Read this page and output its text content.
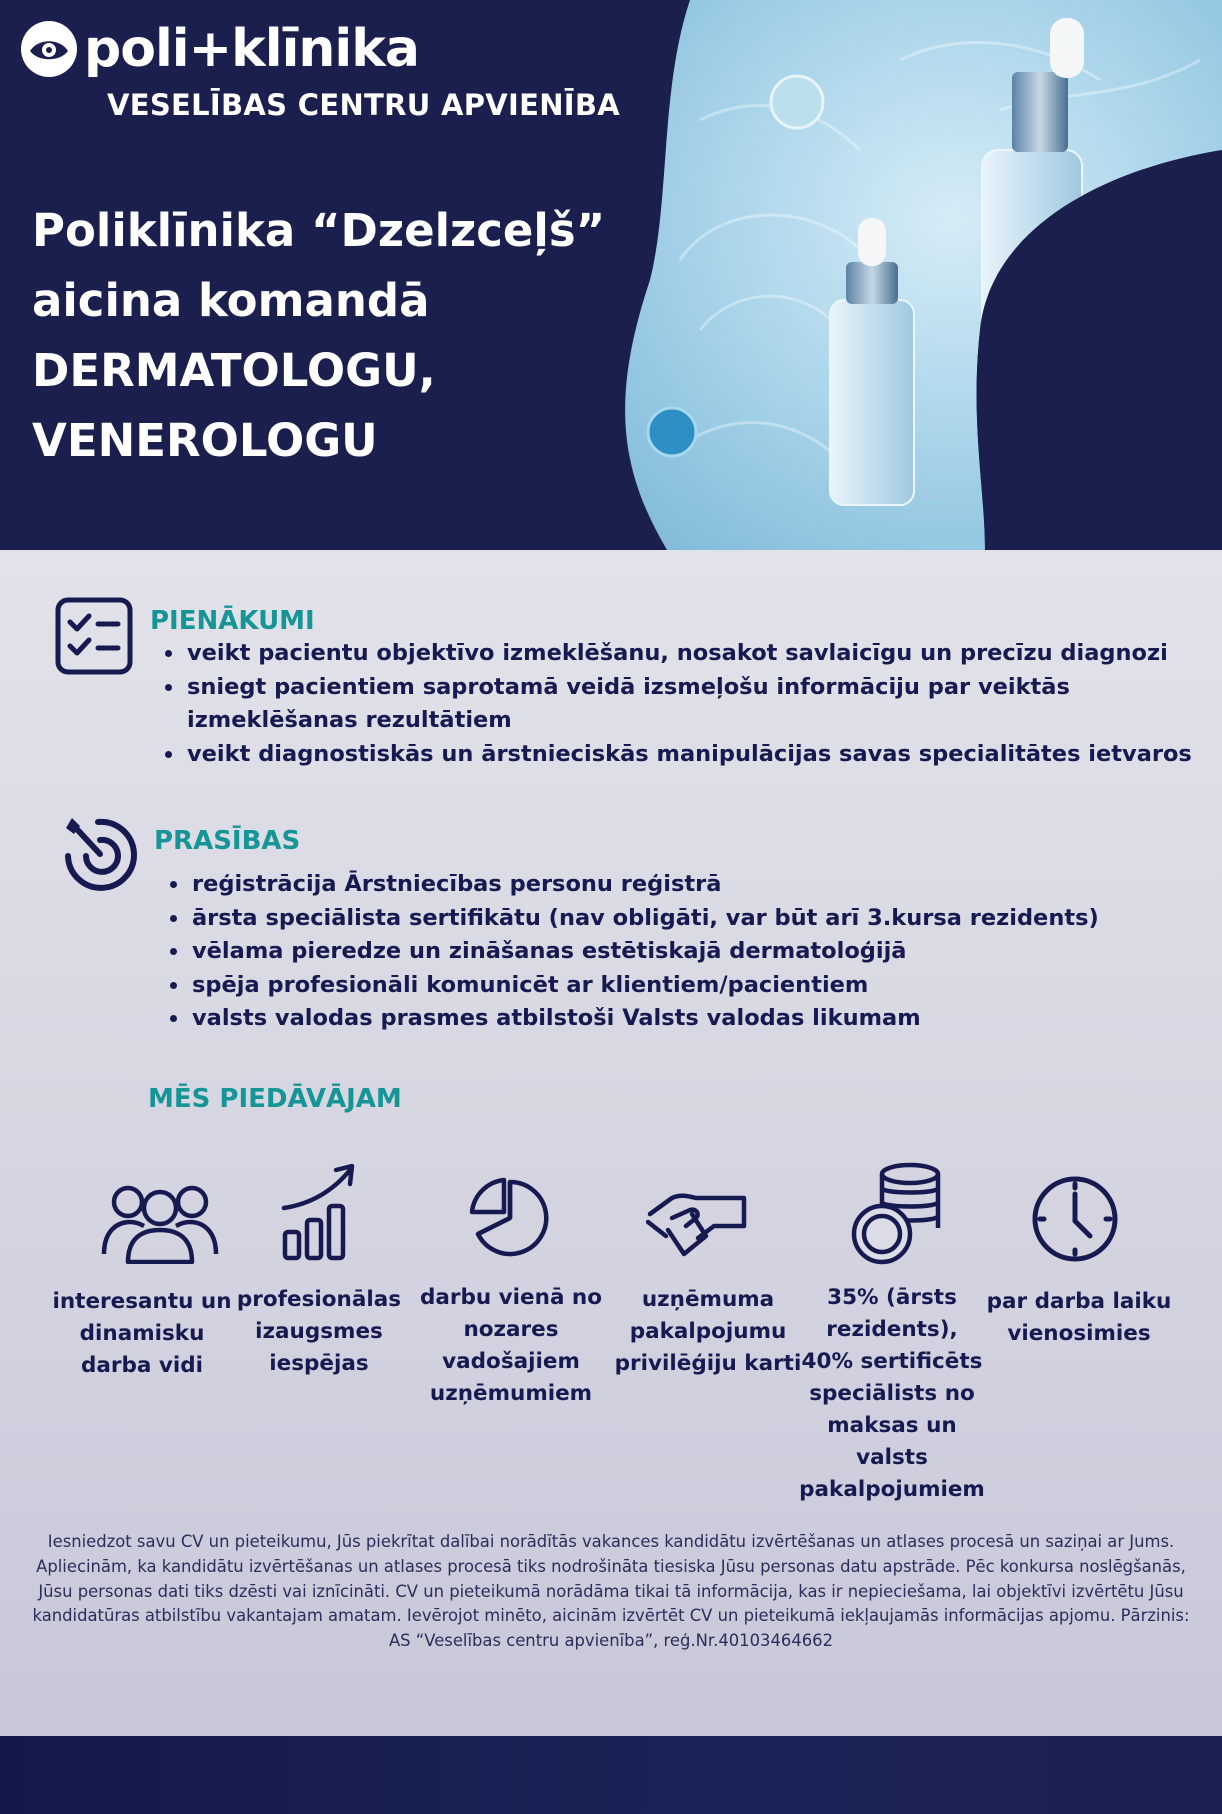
poli+klīnika
VESELĪBAS CENTRU APVIENĪBA
Poliklīnika “Dzelzceļš”
aicina komandā
DERMATOLOGU,
VENEROLOGU
PIENĀKUMI
• veikt pacientu objektīvo izmeklēšanu, nosakot savlaicīgu un precīzu diagnozi
• sniegt pacientiem saprotamā veidā izsmeļošu informāciju par veiktās izmeklēšanas rezultātiem
• veikt diagnostiskās un ārstnieciskās manipulācijas savas specialitātes ietvaros
PRASĪBAS
• reģistrācija Ārstniecības personu reģistrā
• ārsta speciālista sertifikātu (nav obligāti, var būt arī 3.kursa rezidents)
• vēlama pieredze un zināšanas estētiskajā dermatoloģijā
• spēja profesionāli komunicēt ar klientiem/pacientiem
• valsts valodas prasmes atbilstoši Valsts valodas likumam
MĒS PIEDĀVĀJAM
interesantu un dinamisku darba vidi
profesionālas izaugsmes iespējas
darbu vienā no nozares vadošajiem uzņēmumiem
uzņēmuma pakalpojumu privilēģiju karti
35% (ārsts rezidents), 40% sertificēts speciālists no maksas un valsts pakalpojumiem
par darba laiku vienosimies
Iesniedzot savu CV un pieteikumu, Jūs piekrītat dalībai norādītās vakances kandidātu izvērtēšanas un atlases procesā un saziņai ar Jums. Apliecinām, ka kandidātu izvērtēšanas un atlases procesā tiks nodrošināta tiesiska Jūsu personas datu apstrāde. Pēc konkursa noslēgšanās, Jūsu personas dati tiks dzēsti vai iznīcināti. CV un pieteikumā norādāma tikai tā informācija, kas ir nepieciešama, lai objektīvi izvērtētu Jūsu kandidatūras atbilstību vakantajam amatam. Ievērojot minēto, aicinām izvērtēt CV un pieteikumā iekļaujamās informācijas apjomu. Pārzinis: AS “Veselības centru apvienība”, reģ.Nr.40103464662
